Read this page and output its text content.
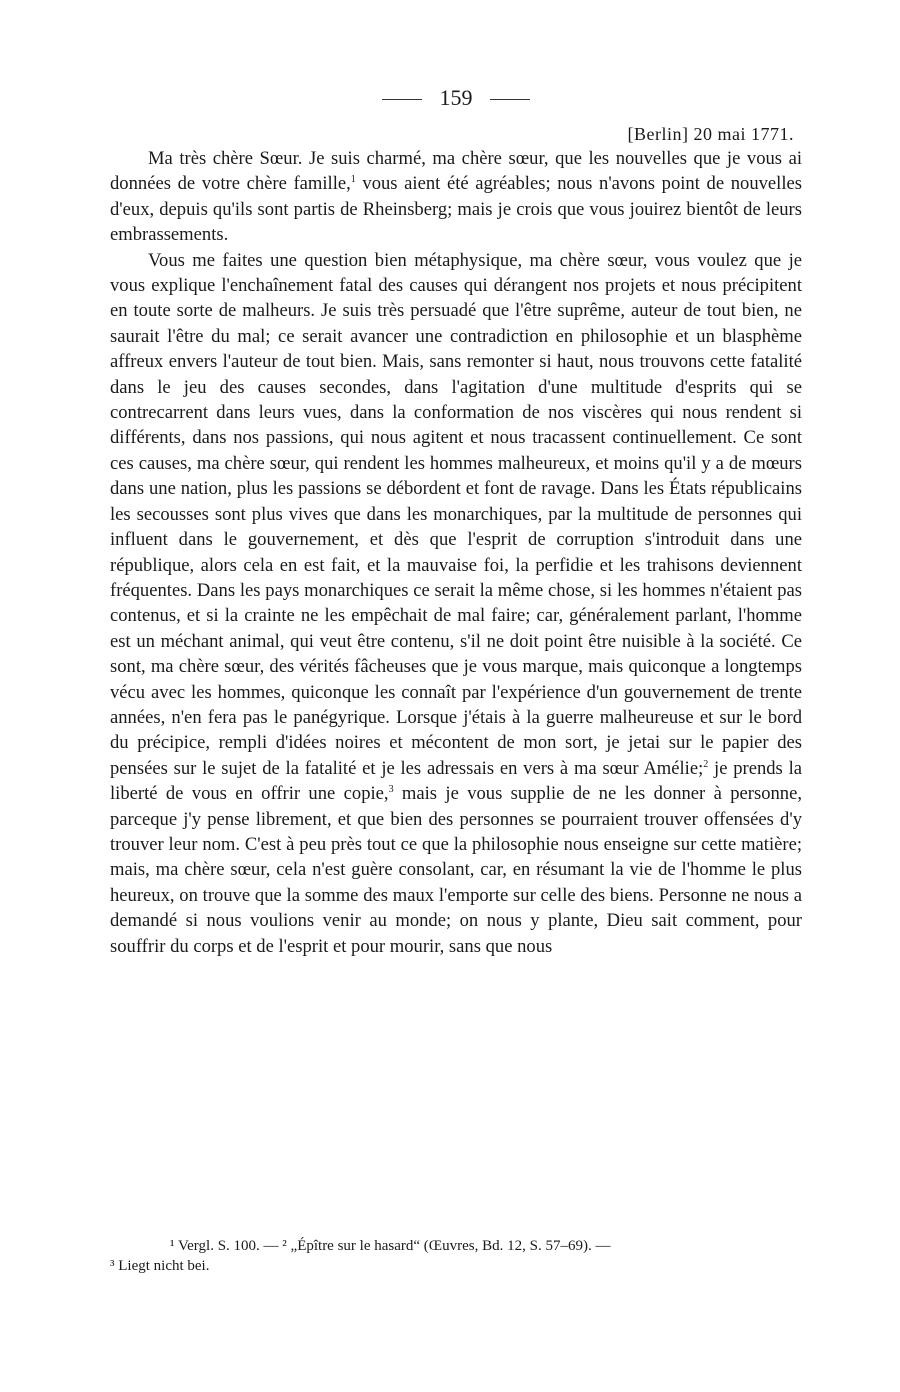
159
[Berlin] 20 mai 1771.

Ma très chère Sœur. Je suis charmé, ma chère sœur, que les nouvelles que je vous ai données de votre chère famille,$^1$ vous aient été agréables; nous n'avons point de nouvelles d'eux, depuis qu'ils sont partis de Rheinsberg; mais je crois que vous jouirez bientôt de leurs embrassements.

Vous me faites une question bien métaphysique, ma chère sœur, vous voulez que je vous explique l'enchaînement fatal des causes qui dérangent nos projets et nous précipitent en toute sorte de malheurs. Je suis très persuadé que l'être suprême, auteur de tout bien, ne saurait l'être du mal; ce serait avancer une contradiction en philosophie et un blasphème affreux envers l'auteur de tout bien. Mais, sans remonter si haut, nous trouvons cette fatalité dans le jeu des causes secondes, dans l'agitation d'une multitude d'esprits qui se contrecarrent dans leurs vues, dans la conformation de nos viscères qui nous rendent si différents, dans nos passions, qui nous agitent et nous tracassent continuellement. Ce sont ces causes, ma chère sœur, qui rendent les hommes malheureux, et moins qu'il y a de mœurs dans une nation, plus les passions se débordent et font de ravage. Dans les États républicains les secousses sont plus vives que dans les monarchiques, par la multitude de personnes qui influent dans le gouvernement, et dès que l'esprit de corruption s'introduit dans une république, alors cela en est fait, et la mauvaise foi, la perfidie et les trahisons deviennent fréquentes. Dans les pays monarchiques ce serait la même chose, si les hommes n'étaient pas contenus, et si la crainte ne les empêchait de mal faire; car, généralement parlant, l'homme est un méchant animal, qui veut être contenu, s'il ne doit point être nuisible à la société. Ce sont, ma chère sœur, des vérités fâcheuses que je vous marque, mais quiconque a longtemps vécu avec les hommes, quiconque les connaît par l'expérience d'un gouvernement de trente années, n'en fera pas le panégyrique. Lorsque j'étais à la guerre malheureuse et sur le bord du précipice, rempli d'idées noires et mécontent de mon sort, je jetai sur le papier des pensées sur le sujet de la fatalité et je les adressais en vers à ma sœur Amélie;$^2$ je prends la liberté de vous en offrir une copie,$^3$ mais je vous supplie de ne les donner à personne, parceque j'y pense librement, et que bien des personnes se pourraient trouver offensées d'y trouver leur nom. C'est à peu près tout ce que la philosophie nous enseigne sur cette matière; mais, ma chère sœur, cela n'est guère consolant, car, en résumant la vie de l'homme le plus heureux, on trouve que la somme des maux l'emporte sur celle des biens. Personne ne nous a demandé si nous voulions venir au monde; on nous y plante, Dieu sait comment, pour souffrir du corps et de l'esprit et pour mourir, sans que nous

¹ Vergl. S. 100. — ² „Épître sur le hasard“ (Œuvres, Bd. 12, S. 57–69). —
³ Liegt nicht bei.
